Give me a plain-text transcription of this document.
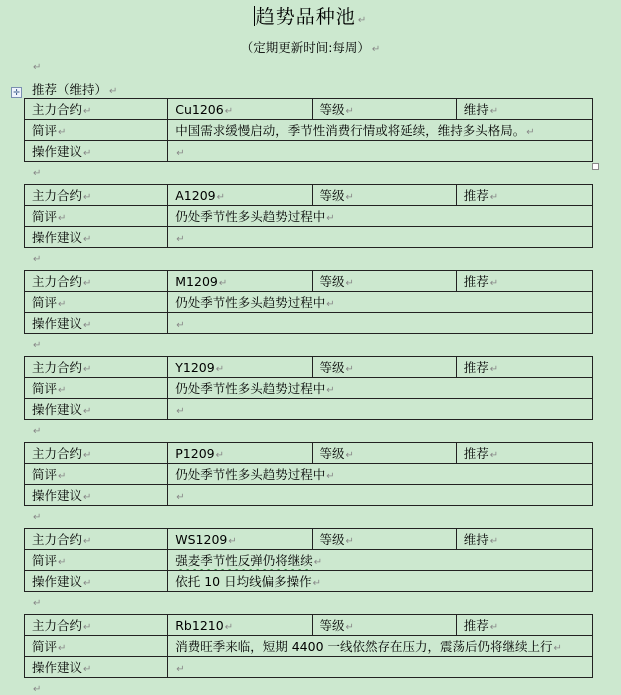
趋势品种池 ↵
（定期更新时间:每周） ↵
↵
✛ 推荐（维持） ↵
主力合约↵	Cu1206↵	等级↵	维持↵
简评↵	中国需求缓慢启动，季节性消费行情或将延续，维持多头格局。↵		
操作建议↵	↵		
↵
主力合约↵	A1209↵	等级↵	推荐↵
简评↵	仍处季节性多头趋势过程中↵		
操作建议↵	↵		
↵
主力合约↵	M1209↵	等级↵	推荐↵
简评↵	仍处季节性多头趋势过程中↵		
操作建议↵	↵		
↵
主力合约↵	Y1209↵	等级↵	推荐↵
简评↵	仍处季节性多头趋势过程中↵		
操作建议↵	↵		
↵
主力合约↵	P1209↵	等级↵	推荐↵
简评↵	仍处季节性多头趋势过程中↵		
操作建议↵	↵		
↵
主力合约↵	WS1209↵	等级↵	维持↵
简评↵	强麦季节性反弹仍将继续↵		
操作建议↵	依托 10 日均线偏多操作↵		
↵
主力合约↵	Rb1210↵	等级↵	推荐↵
简评↵	消费旺季来临，短期 4400 一线依然存在压力，震荡后仍将继续上行↵		
操作建议↵	↵		
↵
